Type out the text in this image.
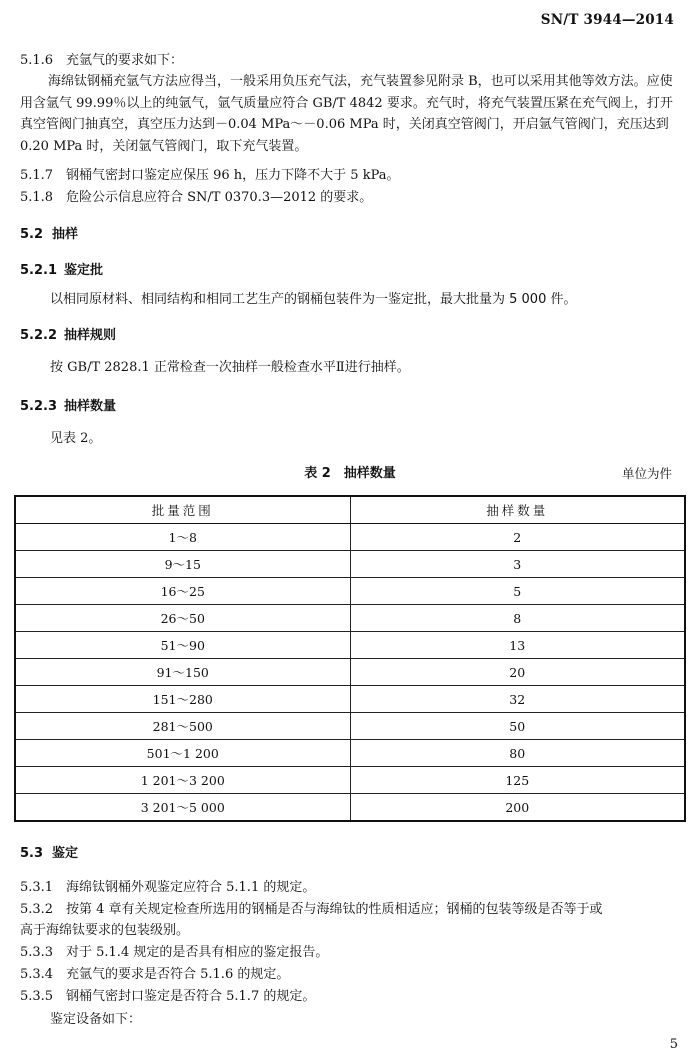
SN/T 3944—2014
5.1.6 充氩气的要求如下：
海绵钛钢桶充氩气方法应得当，一般采用负压充气法，充气装置参见附录 B，也可以采用其他等效方法。应使用含氩气 99.99％以上的纯氩气，氩气质量应符合 GB/T 4842 要求。充气时，将充气装置压紧在充气阀上，打开真空管阀门抽真空，真空压力达到－0.04 MPa～－0.06 MPa 时，关闭真空管阀门，开启氩气管阀门，充压达到 0.20 MPa 时，关闭氩气管阀门，取下充气装置。
5.1.7 钢桶气密封口鉴定应保压 96 h，压力下降不大于 5 kPa。
5.1.8 危险公示信息应符合 SN/T 0370.3—2012 的要求。
5.2 抽样
5.2.1 鉴定批
以相同原材料、相同结构和相同工艺生产的钢桶包装件为一鉴定批，最大批量为 5 000 件。
5.2.2 抽样规则
按 GB/T 2828.1 正常检查一次抽样一般检查水平Ⅱ进行抽样。
5.2.3 抽样数量
见表 2。
表 2　抽样数量	单位为件
批量范围	抽样数量
1～8	2
9～15	3
16～25	5
26～50	8
51～90	13
91～150	20
151～280	32
281～500	50
501～1 200	80
1 201～3 200	125
3 201～5 000	200
5.3 鉴定
5.3.1 海绵钛钢桶外观鉴定应符合 5.1.1 的规定。
5.3.2 按第 4 章有关规定检查所选用的钢桶是否与海绵钛的性质相适应；钢桶的包装等级是否等于或
高于海绵钛要求的包装级别。
5.3.3 对于 5.1.4 规定的是否具有相应的鉴定报告。
5.3.4 充氩气的要求是否符合 5.1.6 的规定。
5.3.5 钢桶气密封口鉴定是否符合 5.1.7 的规定。
鉴定设备如下：
5
